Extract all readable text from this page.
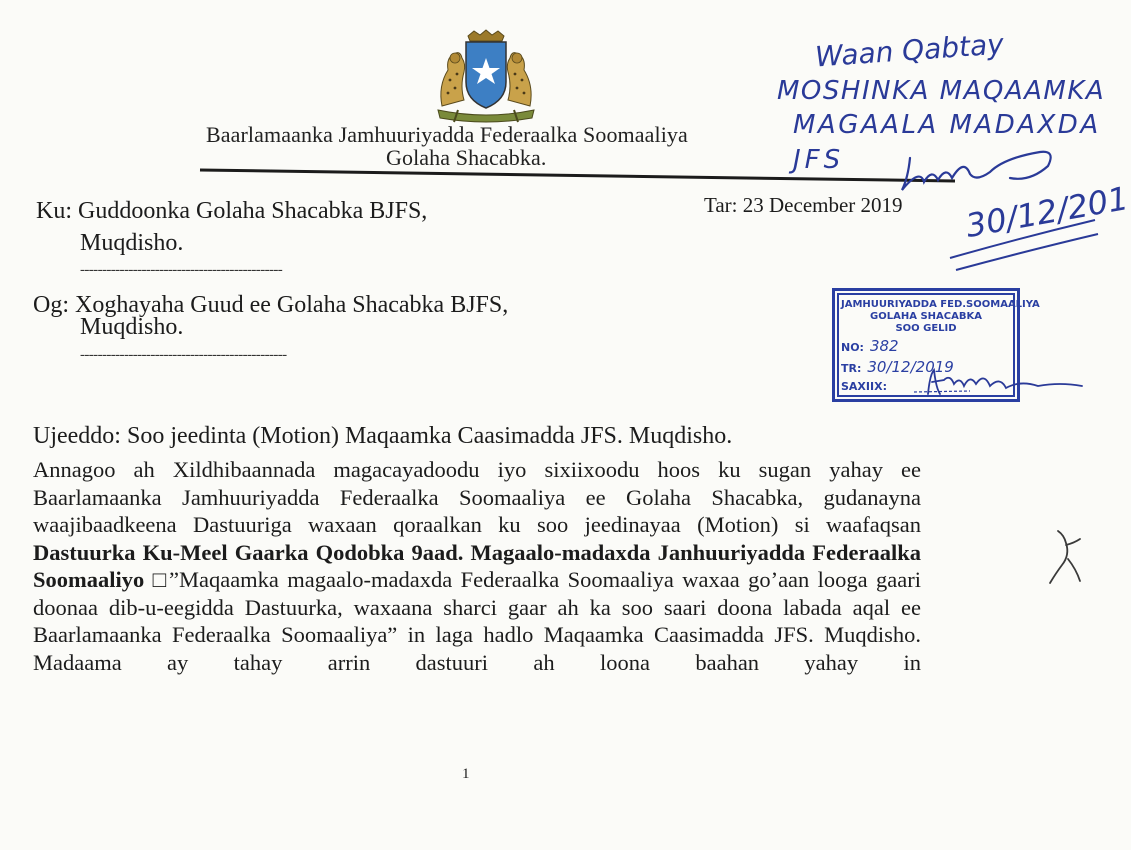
Baarlamaanka Jamhuuriyadda Federaalka Soomaaliya
Golaha Shacabka.
Tar: 23 December 2019
Ku: Guddoonka Golaha Shacabka BJFS,
Muqdisho.
----------------------------------------------
Og: Xoghayaha Guud ee Golaha Shacabka BJFS,
Muqdisho.
-----------------------------------------------
Ujeeddo: Soo jeedinta (Motion) Maqaamka Caasimadda JFS. Muqdisho.
Annagoo ah Xildhibaannada magacayadoodu iyo sixiixoodu hoos ku sugan yahay ee Baarlamaanka Jamhuuriyadda Federaalka Soomaaliya ee Golaha Shacabka, gudanayna waajibaadkeena Dastuuriga waxaan qoraalkan ku soo jeedinayaa (Motion) si waafaqsan Dastuurka Ku-Meel Gaarka Qodobka 9aad. Magaalo-madaxda Janhuuriyadda Federaalka Soomaaliyo □”Maqaamka magaalo-madaxda Federaalka Soomaaliya waxaa go’aan looga gaari doonaa dib-u-eegidda Dastuurka, waxaana sharci gaar ah ka soo saari doona labada aqal ee Baarlamaanka Federaalka Soomaaliya” in laga hadlo Maqaamka Caasimadda JFS. Muqdisho. Madaama ay tahay arrin dastuuri ah loona baahan yahay in
1
Waan Qabtay
MOSHINKA MAQAAMKA
MAGAALA MADAXDA
JFS
30/12/201
JAMHUURIYADDA FED.SOOMAALIYA
GOLAHA SHACABKA
SOO GELID
NO: 382
TR: 30/12/2019
SAXIIX:
